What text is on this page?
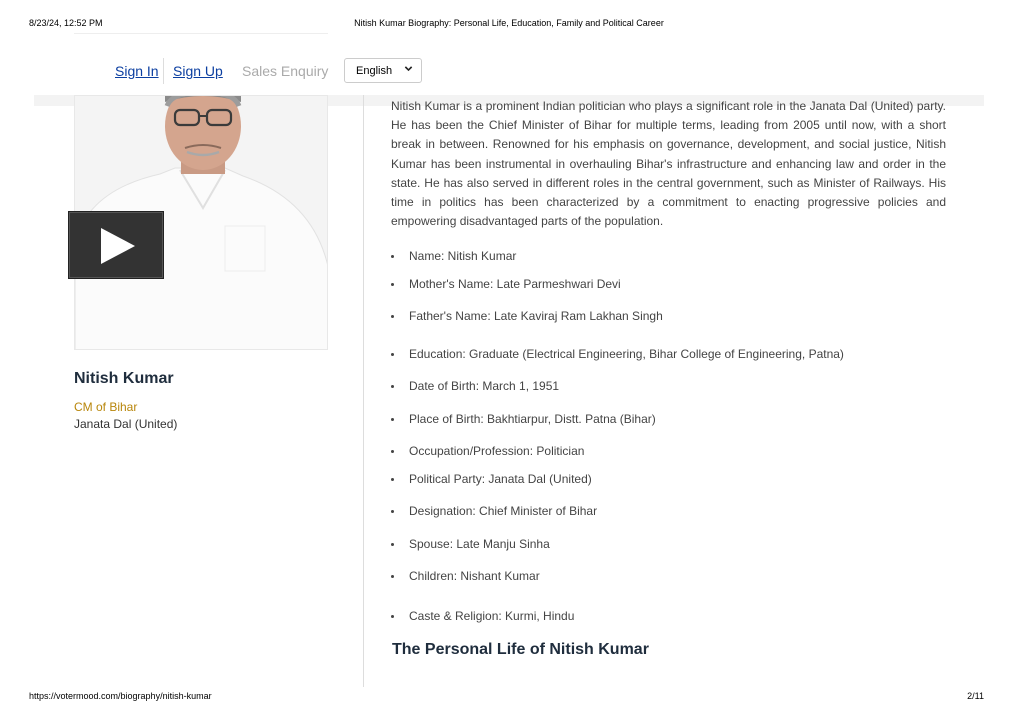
8/23/24, 12:52 PM	Nitish Kumar Biography: Personal Life, Education, Family and Political Career
Sign In Sign Up Sales Enquiry	English
Nitish Kumar
CM of Bihar
Janata Dal (United)
Nitish Kumar is a prominent Indian politician who plays a significant role in the Janata Dal (United) party. He has been the Chief Minister of Bihar for multiple terms, leading from 2005 until now, with a short break in between. Renowned for his emphasis on governance, development, and social justice, Nitish Kumar has been instrumental in overhauling Bihar's infrastructure and enhancing law and order in the state. He has also served in different roles in the central government, such as Minister of Railways. His time in politics has been characterized by a commitment to enacting progressive policies and empowering disadvantaged parts of the population.
Name: Nitish Kumar
Mother's Name: Late Parmeshwari Devi
Father's Name: Late Kaviraj Ram Lakhan Singh
Education: Graduate (Electrical Engineering, Bihar College of Engineering, Patna)
Date of Birth: March 1, 1951
Place of Birth: Bakhtiarpur, Distt. Patna (Bihar)
Occupation/Profession: Politician
Political Party: Janata Dal (United)
Designation: Chief Minister of Bihar
Spouse: Late Manju Sinha
Children: Nishant Kumar
Caste & Religion: Kurmi, Hindu
The Personal Life of Nitish Kumar
https://votermood.com/biography/nitish-kumar	2/11
